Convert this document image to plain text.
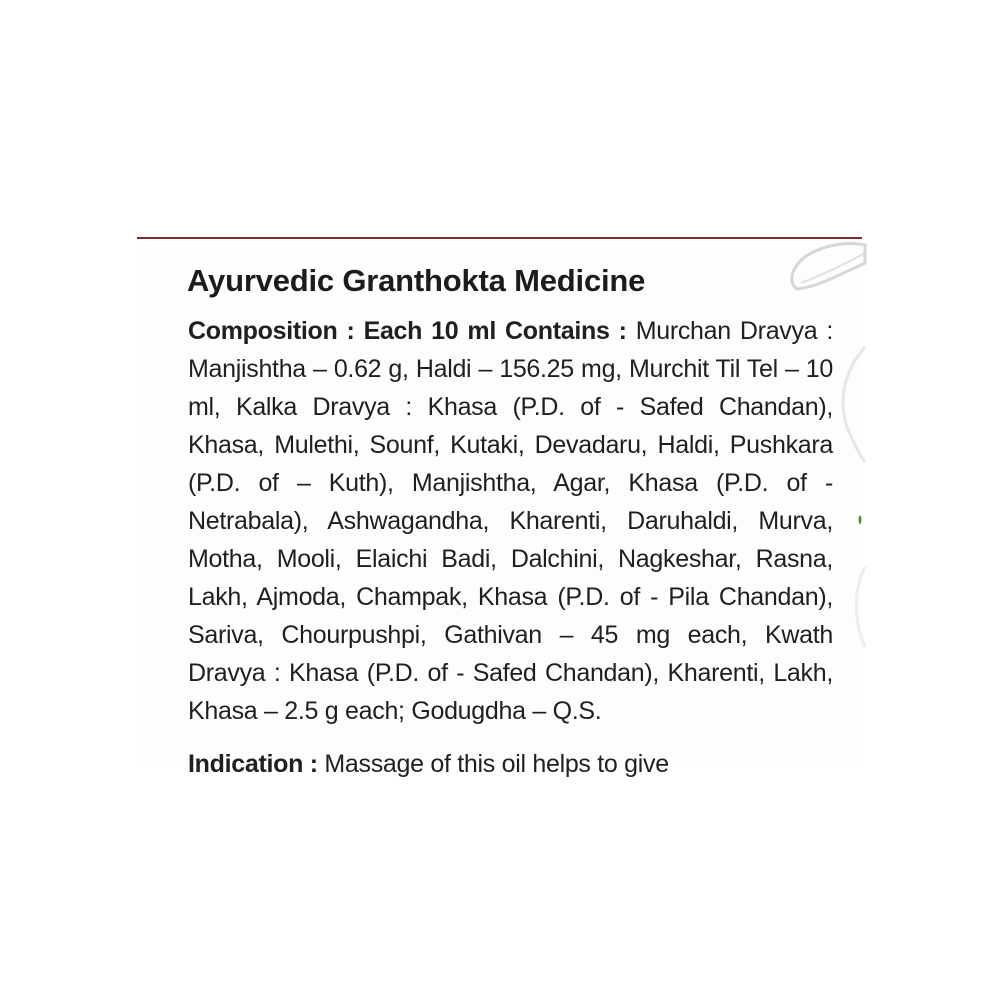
Ayurvedic Granthokta Medicine

Composition : Each 10 ml Contains : Murchan Dravya : Manjishtha – 0.62 g, Haldi – 156.25 mg, Murchit Til Tel – 10 ml, Kalka Dravya : Khasa (P.D. of - Safed Chandan), Khasa, Mulethi, Sounf, Kutaki, Devadaru, Haldi, Pushkara (P.D. of – Kuth), Manjishtha, Agar, Khasa (P.D. of - Netrabala), Ashwagandha, Kharenti, Daruhaldi, Murva, Motha, Mooli, Elaichi Badi, Dalchini, Nagkeshar, Rasna, Lakh, Ajmoda, Champak, Khasa (P.D. of - Pila Chandan), Sariva, Chourpushpi, Gathivan – 45 mg each, Kwath Dravya : Khasa (P.D. of - Safed Chandan), Kharenti, Lakh, Khasa – 2.5 g each; Godugdha – Q.S.

Indication : Massage of this oil helps to give
